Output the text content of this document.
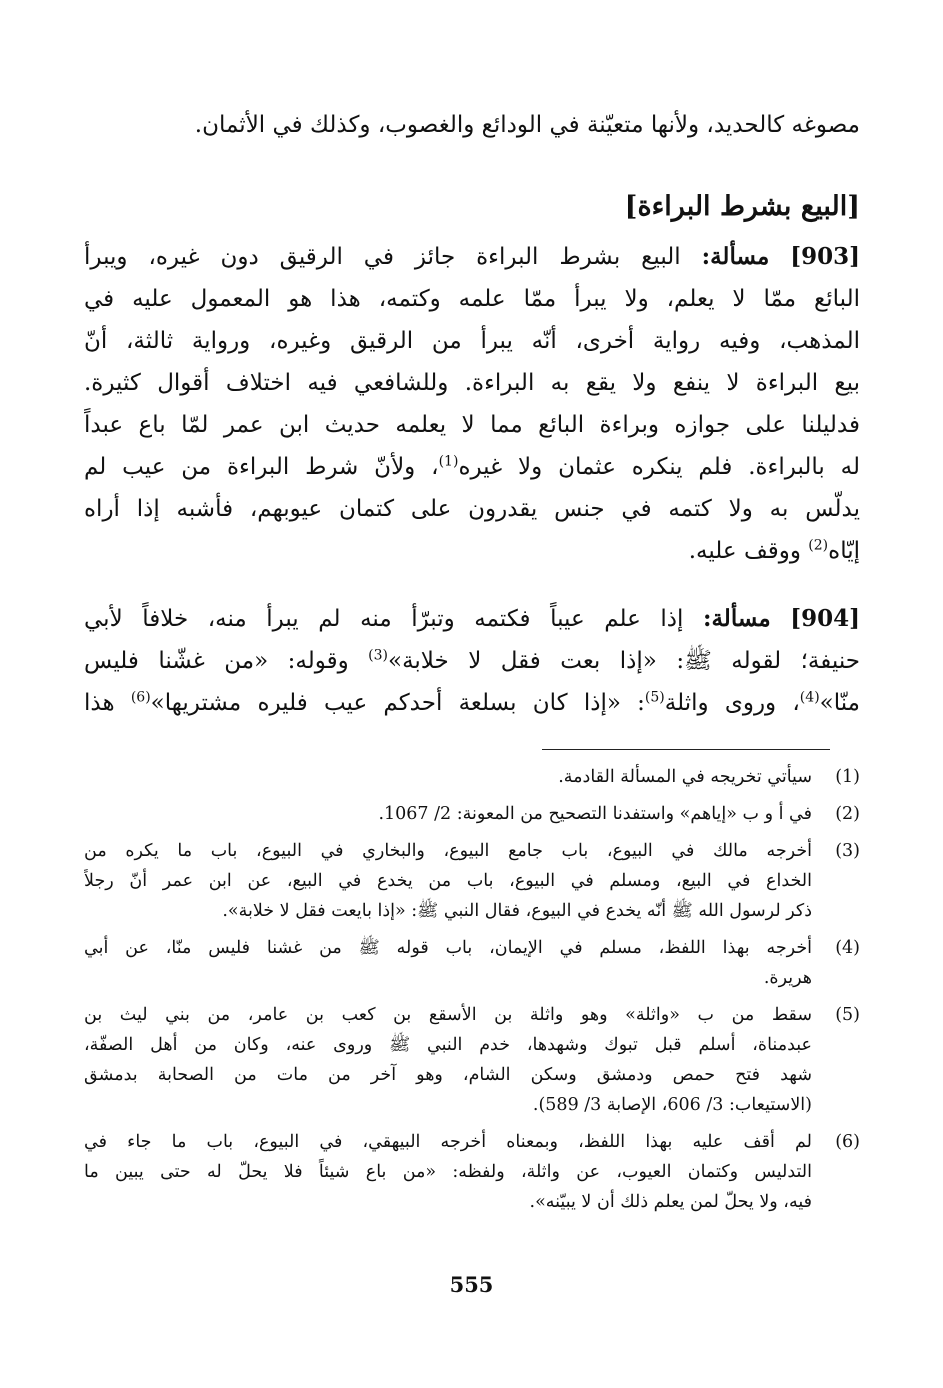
مصوغه كالحديد، ولأنها متعيّنة في الودائع والغصوب، وكذلك في الأثمان.
[البيع بشرط البراءة]
[903] مسألة: البيع بشرط البراءة جائز في الرقيق دون غيره، ويبرأ
البائع ممّا لا يعلم، ولا يبرأ ممّا علمه وكتمه، هذا هو المعمول عليه في
المذهب، وفيه رواية أخرى، أنّه يبرأ من الرقيق وغيره، ورواية ثالثة، أنّ
بيع البراءة لا ينفع ولا يقع به البراءة. وللشافعي فيه اختلاف أقوال كثيرة.
فدليلنا على جوازه وبراءة البائع مما لا يعلمه حديث ابن عمر لمّا باع عبداً
له بالبراءة. فلم ينكره عثمان ولا غيره$^{(1)}$، ولأنّ شرط البراءة من عيب لم
يدلّس به ولا كتمه في جنس يقدرون على كتمان عيوبهم، فأشبه إذا أراه
إيّاه$^{(2)}$ ووقف عليه.
[904] مسألة: إذا علم عيباً فكتمه وتبرّأ منه لم يبرأ منه، خلافاً لأبي
حنيفة؛ لقوله ﷺ: «إذا بعت فقل لا خلابة»$^{(3)}$ وقوله: «من غشّنا فليس
منّا»$^{(4)}$، وروى واثلة$^{(5)}$: «إذا كان بسلعة أحدكم عيب فليره مشتريها»$^{(6)}$ هذا
(1)
سيأتي تخريجه في المسألة القادمة.
(2)
في أ و ب «إياهم» واستفدنا التصحيح من المعونة: 2/ 1067.
(3)
أخرجه مالك في البيوع، باب جامع البيوع، والبخاري في البيوع، باب ما يكره من
الخداع في البيع، ومسلم في البيوع، باب من يخدع في البيع، عن ابن عمر أنّ رجلاً
ذكر لرسول الله ﷺ أنّه يخدع في البيوع، فقال النبي ﷺ: «إذا بايعت فقل لا خلابة».
(4)
أخرجه بهذا اللفظ، مسلم في الإيمان، باب قوله ﷺ من غشنا فليس منّا، عن أبي
هريرة.
(5)
سقط من ب «واثلة» وهو واثلة بن الأسقع بن كعب بن عامر، من بني ليث بن
عبدمناة، أسلم قبل تبوك وشهدها، خدم النبي ﷺ وروى عنه، وكان من أهل الصفّة،
شهد فتح حمص ودمشق وسكن الشام، وهو آخر من مات من الصحابة بدمشق
(الاستيعاب: 3/ 606، الإصابة 3/ 589).
(6)
لم أقف عليه بهذا اللفظ، وبمعناه أخرجه البيهقي، في البيوع، باب ما جاء في
التدليس وكتمان العيوب، عن واثلة، ولفظه: «من باع شيئاً فلا يحلّ له حتى يبين ما
فيه، ولا يحلّ لمن يعلم ذلك أن لا يبيّنه».
555
